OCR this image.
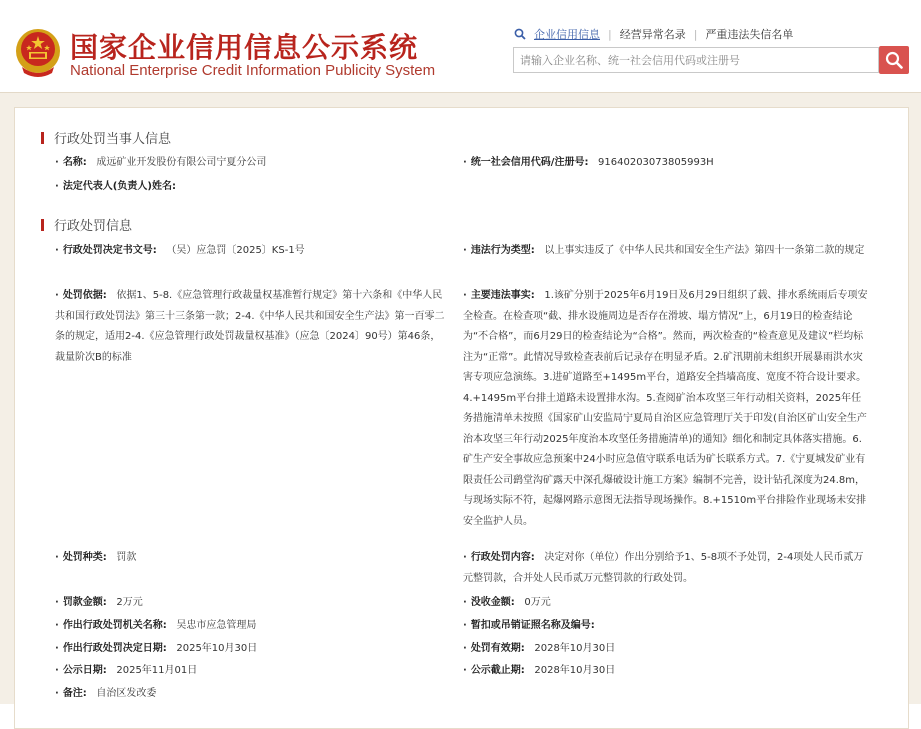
国家企业信用信息公示系统
National Enterprise Credit Information Publicity System
企业信用信息 | 经营异常名录 | 严重违法失信名单
请输入企业名称、统一社会信用代码或注册号
行政处罚当事人信息
· 名称: 成远矿业开发股份有限公司宁夏分公司	· 统一社会信用代码/注册号: 91640203073805993H
· 法定代表人(负责人)姓名:
行政处罚信息
· 行政处罚决定书文号: （吴）应急罚〔2025〕KS-1号	· 违法行为类型: 以上事实违反了《中华人民共和国安全生产法》第四十一条第二款的规定
· 处罚依据: 依据1、5-8.《应急管理行政裁量权基准暂行规定》第十六条和《中华人民共和国行政处罚法》第三十三条第一款；2-4.《中华人民共和国安全生产法》第一百零二条的规定，适用2-4.《应急管理行政处罚裁量权基准》（应急〔2024〕90号）第46条，裁量阶次B的标准
· 主要违法事实: 1.该矿分别于2025年6月19日及6月29日组织了载、排水系统雨后专项安全检查。在检查项“截、排水设施周边是否存在滑坡、塌方情况”上，6月19日的检查结论为“不合格”，而6月29日的检查结论为“合格”。然而，两次检查的“检查意见及建议”栏均标注为“正常”。此情况导致检查表前后记录存在明显矛盾。2.矿汛期前未组织开展暴雨洪水灾害专项应急演练。3.进矿道路至+1495m平台，道路安全挡墙高度、宽度不符合设计要求。4.+1495m平台排土道路未设置排水沟。5.查阅矿治本攻坚三年行动相关资料，2025年任务措施清单未按照《国家矿山安监局宁夏局自治区应急管理厅关于印发(自治区矿山安全生产治本攻坚三年行动2025年度治本攻坚任务措施清单)的通知》细化和制定具体落实措施。6.矿生产安全事故应急预案中24小时应急值守联系电话为矿长联系方式。7.《宁夏城发矿业有限责任公司鹞堂沟矿露天中深孔爆破设计施工方案》编制不完善，设计钻孔深度为24.8m，与现场实际不符，起爆网路示意图无法指导现场操作。8.+1510m平台排险作业现场未安排安全监护人员。
· 处罚种类: 罚款	· 行政处罚内容: 决定对你（单位）作出分别给予1、5-8项不予处罚，2-4项处人民币贰万元整罚款，合并处人民币贰万元整罚款的行政处罚。
· 罚款金额: 2万元	· 没收金额: 0万元
· 作出行政处罚机关名称: 吴忠市应急管理局	· 暂扣或吊销证照名称及编号:
· 作出行政处罚决定日期: 2025年10月30日	· 处罚有效期: 2028年10月30日
· 公示日期: 2025年11月01日	· 公示截止期: 2028年10月30日
· 备注: 自治区发改委
